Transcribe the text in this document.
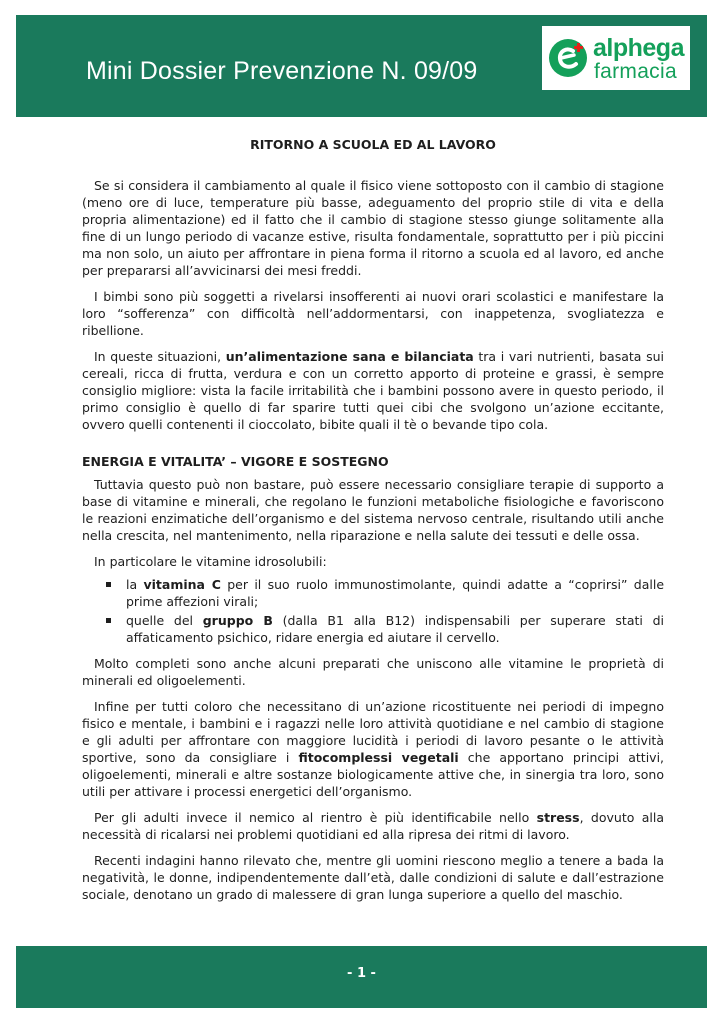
Mini Dossier Prevenzione N. 09/09
alphega
farmacia
RITORNO A SCUOLA ED AL LAVORO

Se si considera il cambiamento al quale il fisico viene sottoposto con il cambio di stagione (meno ore di luce, temperature più basse, adeguamento del proprio stile di vita e della propria alimentazione) ed il fatto che il cambio di stagione stesso giunge solitamente alla fine di un lungo periodo di vacanze estive, risulta fondamentale, soprattutto per i più piccini ma non solo, un aiuto per affrontare in piena forma il ritorno a scuola ed al lavoro, ed anche per prepararsi all’avvicinarsi dei mesi freddi.

I bimbi sono più soggetti a rivelarsi insofferenti ai nuovi orari scolastici e manifestare la loro “sofferenza” con difficoltà nell’addormentarsi, con inappetenza, svogliatezza e ribellione.

In queste situazioni, un’alimentazione sana e bilanciata tra i vari nutrienti, basata sui cereali, ricca di frutta, verdura e con un corretto apporto di proteine e grassi, è sempre consiglio migliore: vista la facile irritabilità che i bambini possono avere in questo periodo, il primo consiglio è quello di far sparire tutti quei cibi che svolgono un’azione eccitante, ovvero quelli contenenti il cioccolato, bibite quali il tè o bevande tipo cola.

ENERGIA E VITALITA’ – VIGORE E SOSTEGNO

Tuttavia questo può non bastare, può essere necessario consigliare terapie di supporto a base di vitamine e minerali, che regolano le funzioni metaboliche fisiologiche e favoriscono le reazioni enzimatiche dell’organismo e del sistema nervoso centrale, risultando utili anche nella crescita, nel mantenimento, nella riparazione e nella salute dei tessuti e delle ossa.

In particolare le vitamine idrosolubili:

la vitamina C per il suo ruolo immunostimolante, quindi adatte a “coprirsi” dalle prime affezioni virali;
quelle del gruppo B (dalla B1 alla B12) indispensabili per superare stati di affaticamento psichico, ridare energia ed aiutare il cervello.

Molto completi sono anche alcuni preparati che uniscono alle vitamine le proprietà di minerali ed oligoelementi.

Infine per tutti coloro che necessitano di un’azione ricostituente nei periodi di impegno fisico e mentale, i bambini e i ragazzi nelle loro attività quotidiane e nel cambio di stagione e gli adulti per affrontare con maggiore lucidità i periodi di lavoro pesante o le attività sportive, sono da consigliare i fitocomplessi vegetali che apportano principi attivi, oligoelementi, minerali e altre sostanze biologicamente attive che, in sinergia tra loro, sono utili per attivare i processi energetici dell’organismo.

Per gli adulti invece il nemico al rientro è più identificabile nello stress, dovuto alla necessità di ricalarsi nei problemi quotidiani ed alla ripresa dei ritmi di lavoro.

Recenti indagini hanno rilevato che, mentre gli uomini riescono meglio a tenere a bada la negatività, le donne, indipendentemente dall’età, dalle condizioni di salute e dall’estrazione sociale, denotano un grado di malessere di gran lunga superiore a quello del maschio.

- 1 -
